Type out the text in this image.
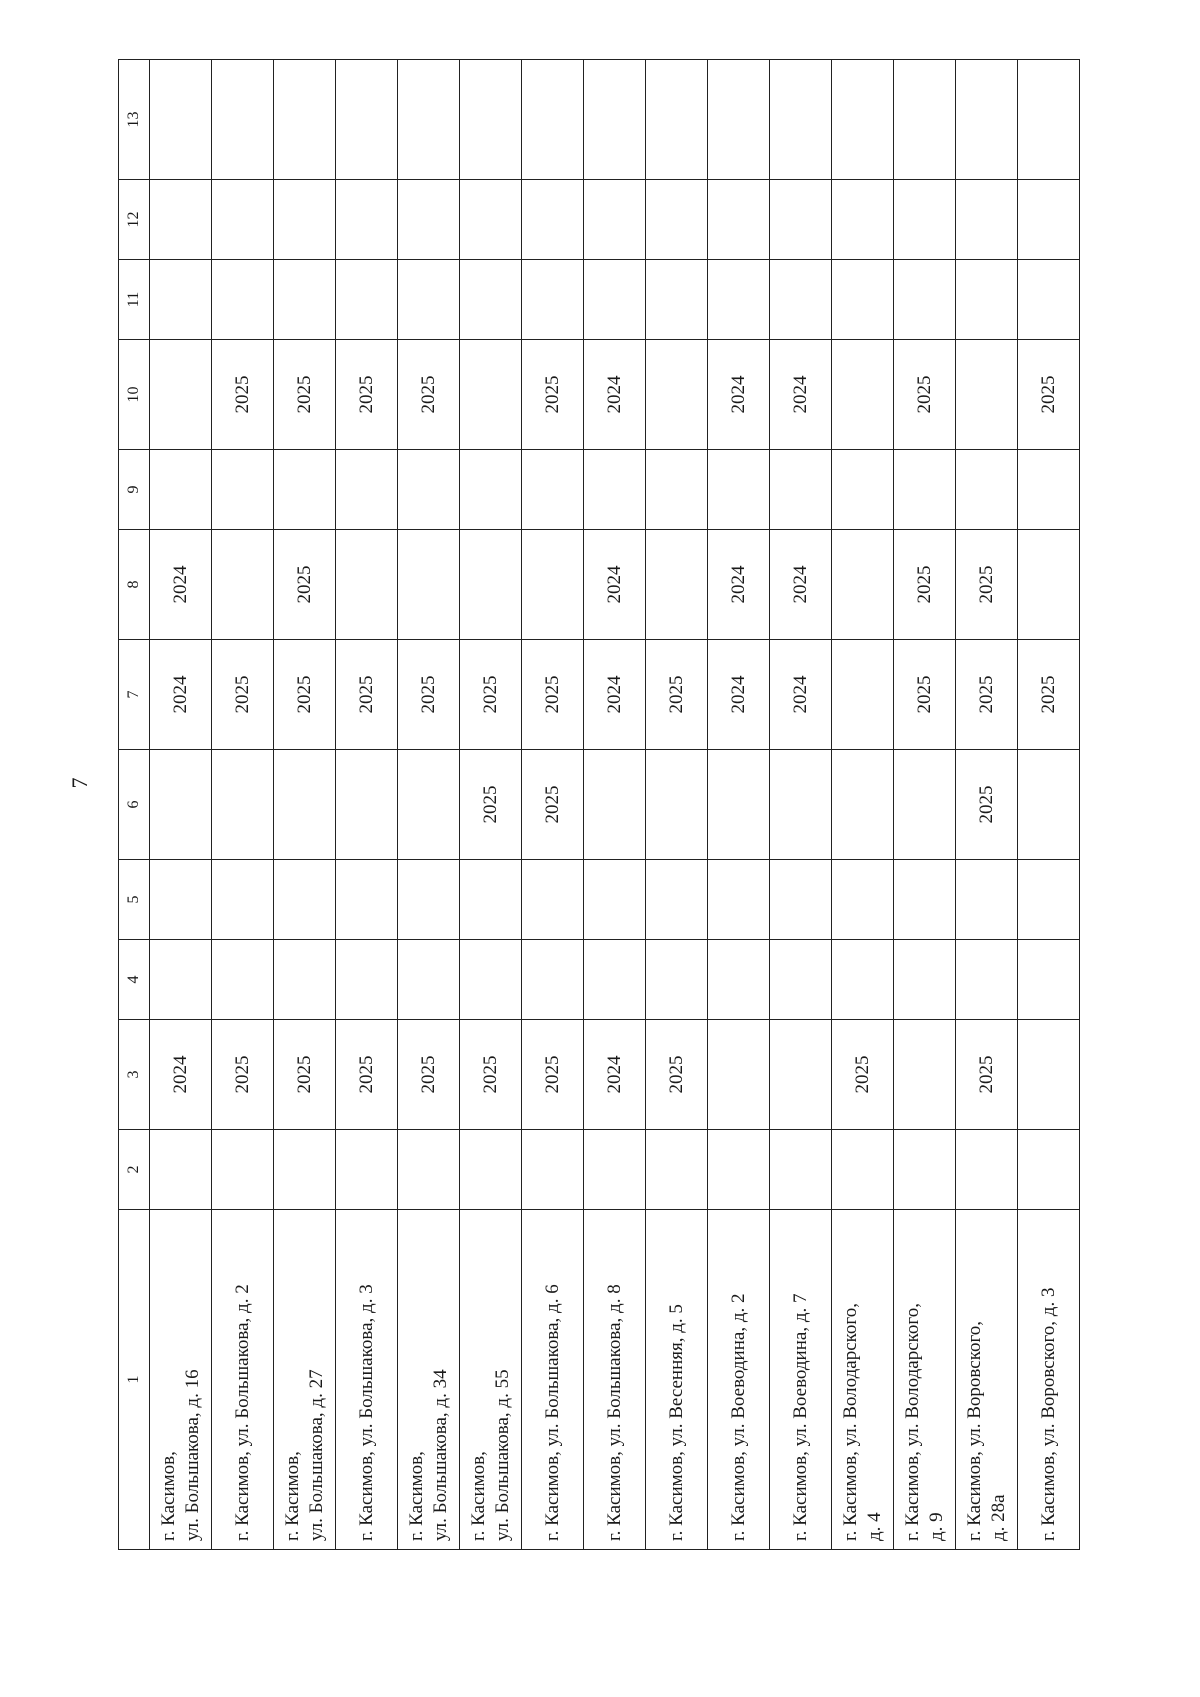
7
1	2	3	4	5	6	7	8	9	10	11	12	13
г. Касимов, ул. Большакова, д. 16		2024				2024	2024					
г. Касимов, ул. Большакова, д. 2		2025				2025			2025			
г. Касимов, ул. Большакова, д. 27		2025				2025	2025		2025			
г. Касимов, ул. Большакова, д. 3		2025				2025			2025			
г. Касимов, ул. Большакова, д. 34		2025				2025			2025			
г. Касимов, ул. Большакова, д. 55		2025			2025	2025						
г. Касимов, ул. Большакова, д. 6		2025			2025	2025			2025			
г. Касимов, ул. Большакова, д. 8		2024				2024	2024		2024			
г. Касимов, ул. Весенняя, д. 5		2025				2025						
г. Касимов, ул. Воеводина, д. 2						2024	2024		2024			
г. Касимов, ул. Воеводина, д. 7						2024	2024		2024			
г. Касимов, ул. Володарского, д. 4		2025										
г. Касимов, ул. Володарского, д. 9						2025	2025		2025			
г. Касимов, ул. Воровского, д. 28а		2025			2025	2025	2025					
г. Касимов, ул. Воровского, д. 3						2025			2025			
